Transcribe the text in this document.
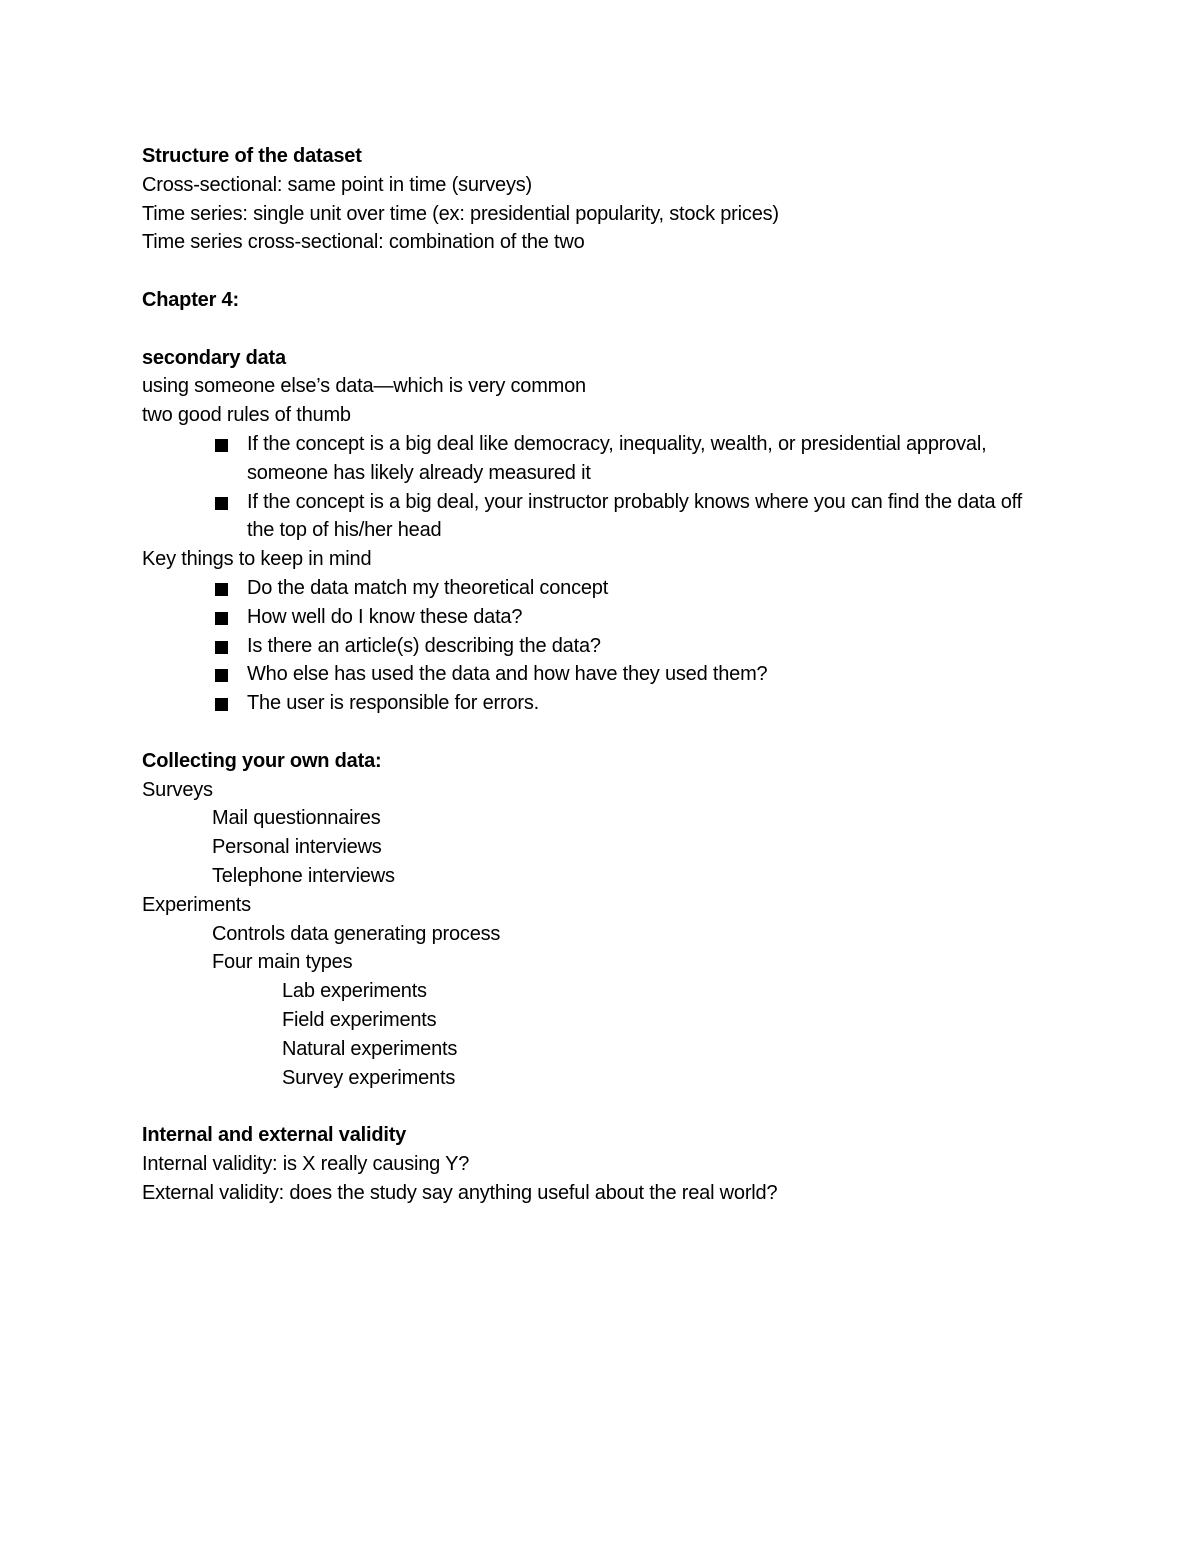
Structure of the dataset
Cross-sectional: same point in time (surveys)
Time series: single unit over time (ex: presidential popularity, stock prices)
Time series cross-sectional: combination of the two
Chapter 4:
secondary data
using someone else’s data—which is very common
two good rules of thumb
If the concept is a big deal like democracy, inequality, wealth, or presidential approval, someone has likely already measured it
If the concept is a big deal, your instructor probably knows where you can find the data off the top of his/her head
Key things to keep in mind
Do the data match my theoretical concept
How well do I know these data?
Is there an article(s) describing the data?
Who else has used the data and how have they used them?
The user is responsible for errors.
Collecting your own data:
Surveys
Mail questionnaires
Personal interviews
Telephone interviews
Experiments
Controls data generating process
Four main types
Lab experiments
Field experiments
Natural experiments
Survey experiments
Internal and external validity
Internal validity: is X really causing Y?
External validity: does the study say anything useful about the real world?
